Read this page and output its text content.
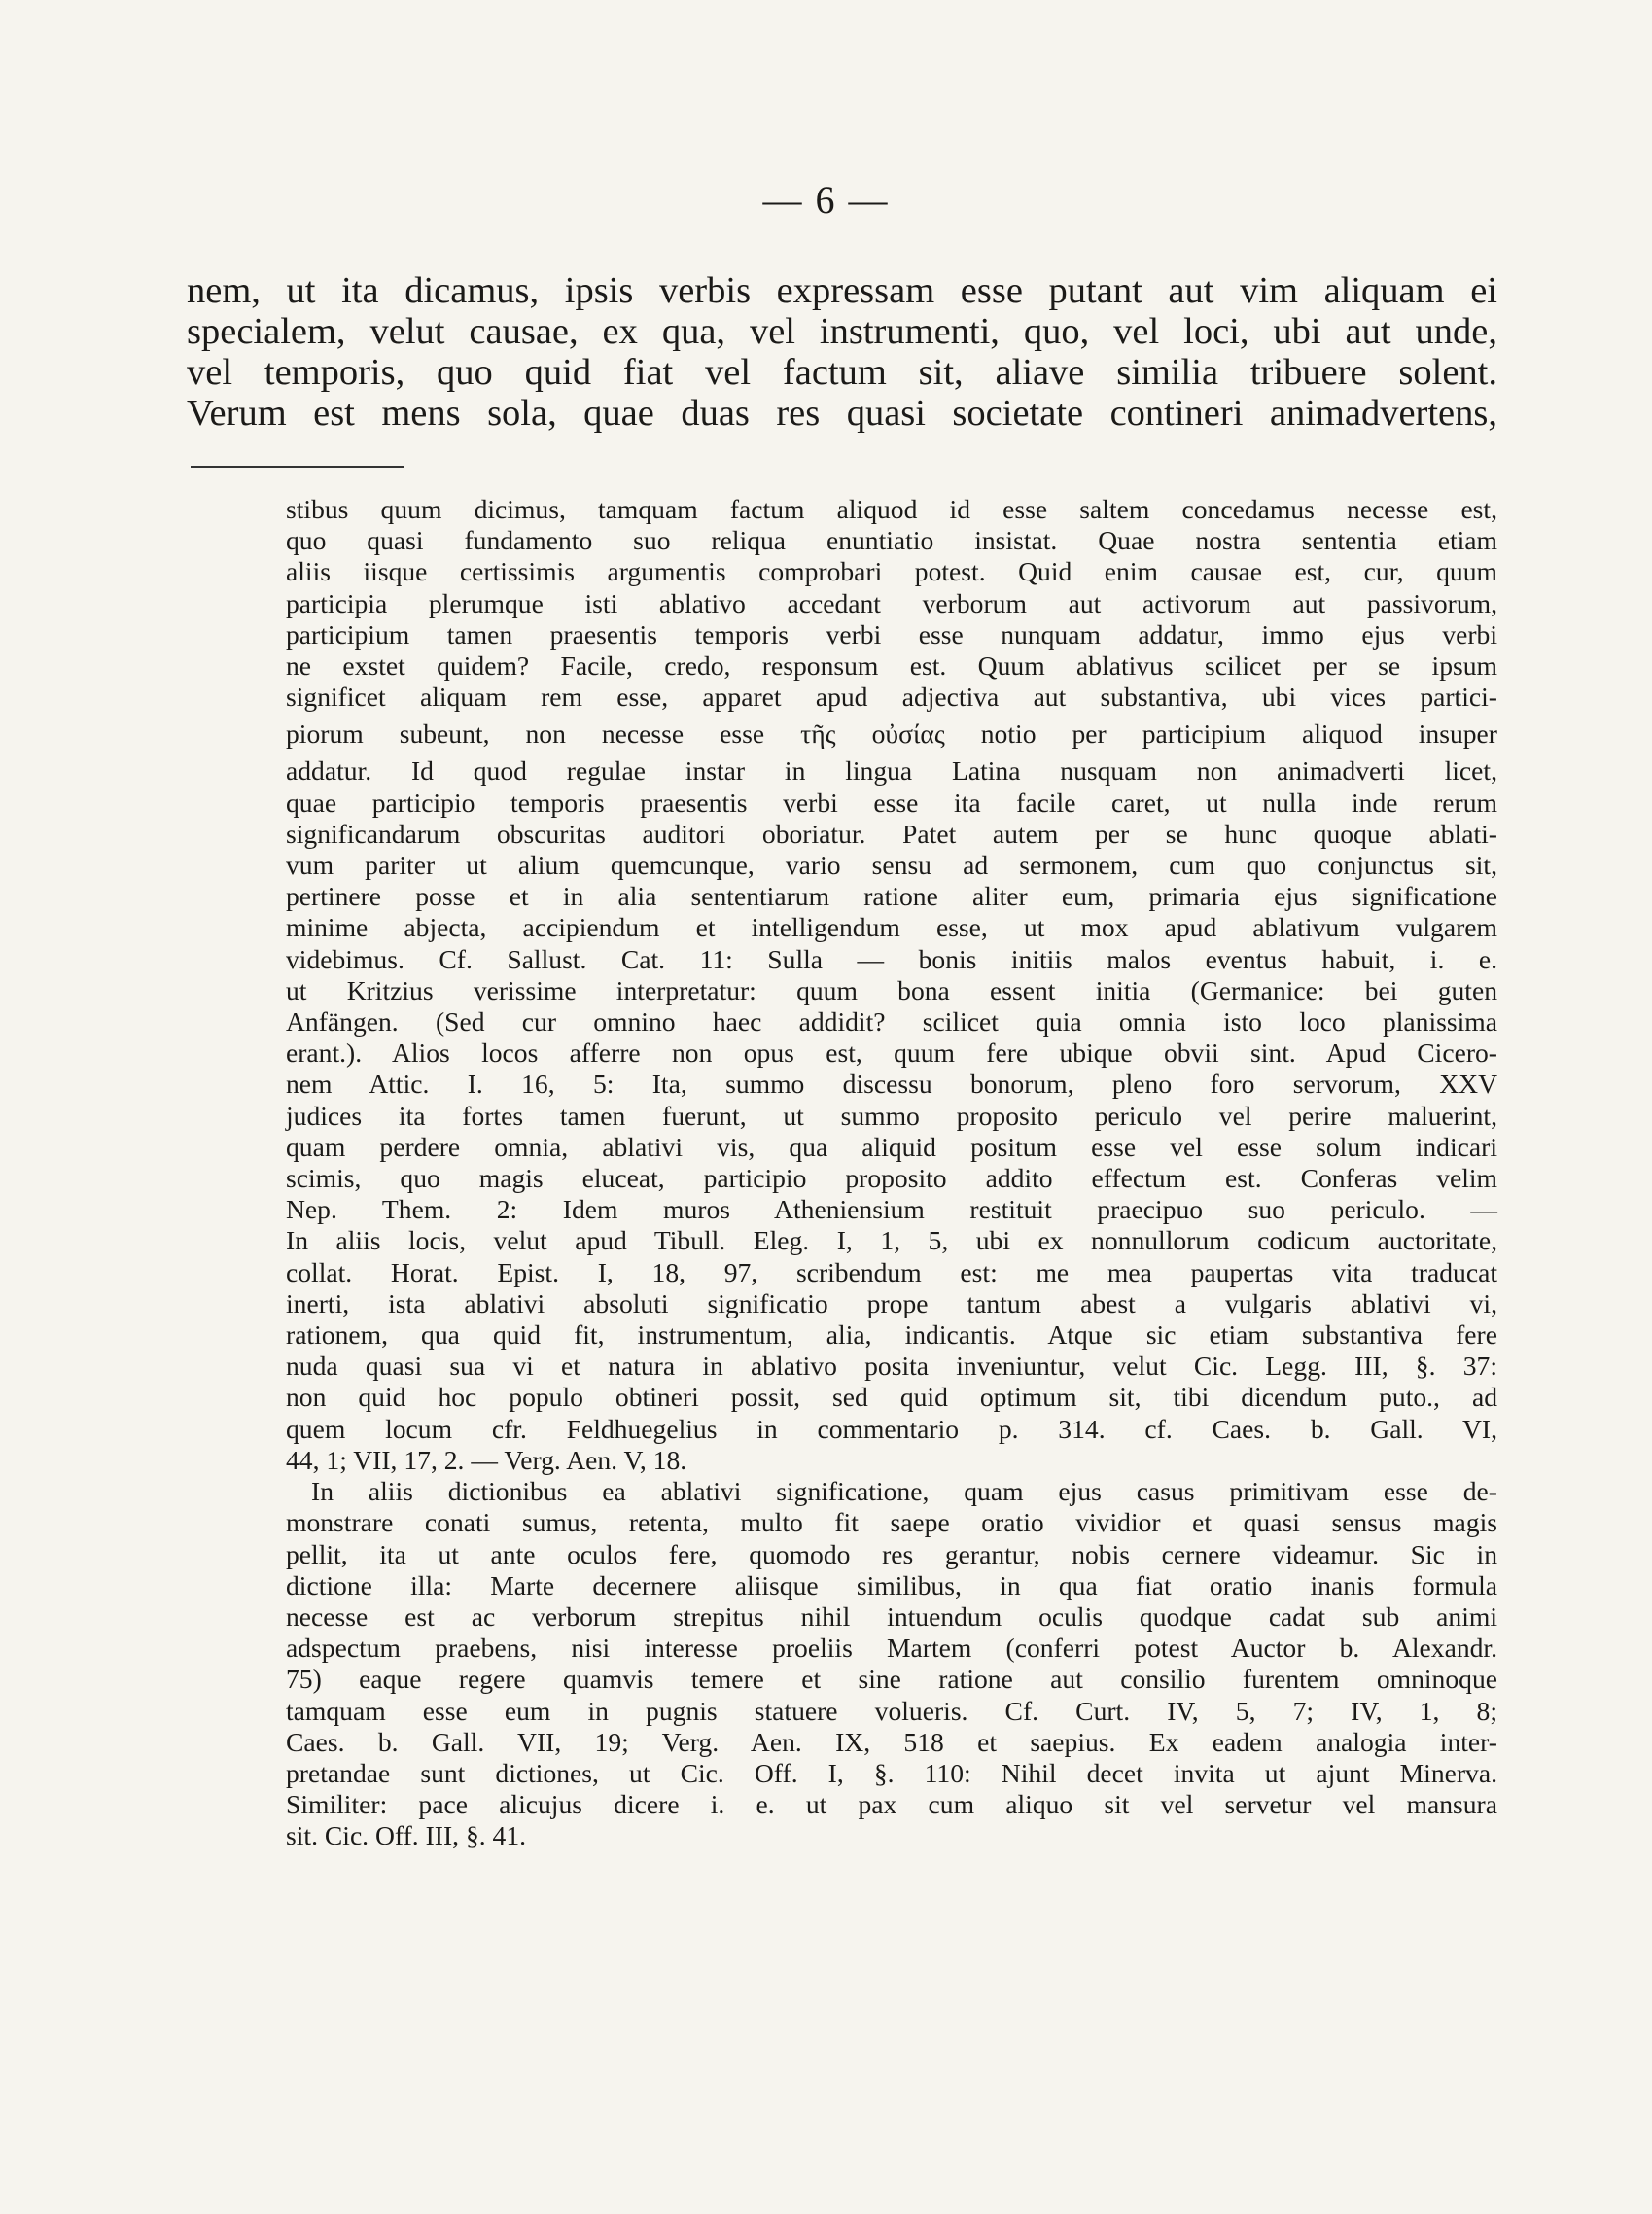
— 6 —
nem, ut ita dicamus, ipsis verbis expressam esse putant aut vim aliquam ei
specialem, velut causae, ex qua, vel instrumenti, quo, vel loci, ubi aut unde,
vel temporis, quo quid fiat vel factum sit, aliave similia tribuere solent.
Verum est mens sola, quae duas res quasi societate contineri animadvertens,
stibus quum dicimus, tamquam factum aliquod id esse saltem concedamus necesse est,
quo quasi fundamento suo reliqua enuntiatio insistat. Quae nostra sententia etiam
aliis iisque certissimis argumentis comprobari potest. Quid enim causae est, cur, quum
participia plerumque isti ablativo accedant verborum aut activorum aut passivorum,
participium tamen praesentis temporis verbi esse nunquam addatur, immo ejus verbi
ne exstet quidem? Facile, credo, responsum est. Quum ablativus scilicet per se ipsum
significet aliquam rem esse, apparet apud adjectiva aut substantiva, ubi vices partici-
piorum subeunt, non necesse esse τῆς οὐσίας notio per participium aliquod insuper
addatur. Id quod regulae instar in lingua Latina nusquam non animadverti licet,
quae participio temporis praesentis verbi esse ita facile caret, ut nulla inde rerum
significandarum obscuritas auditori oboriatur. Patet autem per se hunc quoque ablati-
vum pariter ut alium quemcunque, vario sensu ad sermonem, cum quo conjunctus sit,
pertinere posse et in alia sententiarum ratione aliter eum, primaria ejus significatione
minime abjecta, accipiendum et intelligendum esse, ut mox apud ablativum vulgarem
videbimus. Cf. Sallust. Cat. 11: Sulla — bonis initiis malos eventus habuit, i. e.
ut Kritzius verissime interpretatur: quum bona essent initia (Germanice: bei guten
Anfängen. (Sed cur omnino haec addidit? scilicet quia omnia isto loco planissima
erant.). Alios locos afferre non opus est, quum fere ubique obvii sint. Apud Cicero-
nem Attic. I. 16, 5: Ita, summo discessu bonorum, pleno foro servorum, XXV
judices ita fortes tamen fuerunt, ut summo proposito periculo vel perire maluerint,
quam perdere omnia, ablativi vis, qua aliquid positum esse vel esse solum indicari
scimis, quo magis eluceat, participio proposito addito effectum est. Conferas velim
Nep. Them. 2: Idem muros Atheniensium restituit praecipuo suo periculo. —
In aliis locis, velut apud Tibull. Eleg. I, 1, 5, ubi ex nonnullorum codicum auctoritate,
collat. Horat. Epist. I, 18, 97, scribendum est: me mea paupertas vita traducat
inerti, ista ablativi absoluti significatio prope tantum abest a vulgaris ablativi vi,
rationem, qua quid fit, instrumentum, alia, indicantis. Atque sic etiam substantiva fere
nuda quasi sua vi et natura in ablativo posita inveniuntur, velut Cic. Legg. III, §. 37:
non quid hoc populo obtineri possit, sed quid optimum sit, tibi dicendum puto., ad
quem locum cfr. Feldhuegelius in commentario p. 314. cf. Caes. b. Gall. VI,
44, 1; VII, 17, 2. — Verg. Aen. V, 18.
In aliis dictionibus ea ablativi significatione, quam ejus casus primitivam esse de-
monstrare conati sumus, retenta, multo fit saepe oratio vividior et quasi sensus magis
pellit, ita ut ante oculos fere, quomodo res gerantur, nobis cernere videamur. Sic in
dictione illa: Marte decernere aliisque similibus, in qua fiat oratio inanis formula
necesse est ac verborum strepitus nihil intuendum oculis quodque cadat sub animi
adspectum praebens, nisi interesse proeliis Martem (conferri potest Auctor b. Alexandr.
75) eaque regere quamvis temere et sine ratione aut consilio furentem omninoque
tamquam esse eum in pugnis statuere volueris. Cf. Curt. IV, 5, 7; IV, 1, 8;
Caes. b. Gall. VII, 19; Verg. Aen. IX, 518 et saepius. Ex eadem analogia inter-
pretandae sunt dictiones, ut Cic. Off. I, §. 110: Nihil decet invita ut ajunt Minerva.
Similiter: pace alicujus dicere i. e. ut pax cum aliquo sit vel servetur vel mansura
sit. Cic. Off. III, §. 41.
